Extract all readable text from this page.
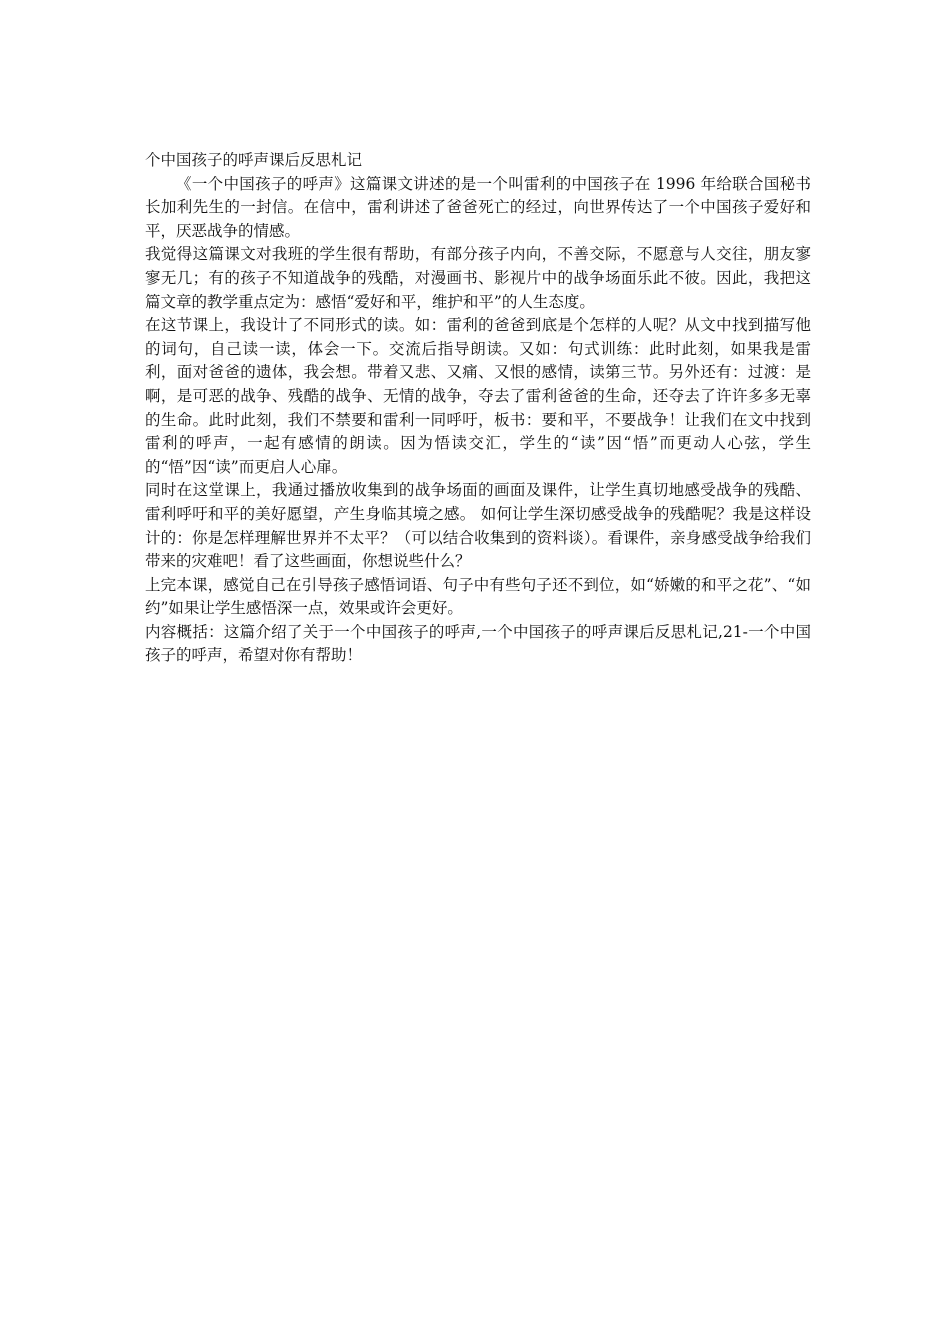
个中国孩子的呼声课后反思札记

《一个中国孩子的呼声》这篇课文讲述的是一个叫雷利的中国孩子在 1996 年给联合国秘书长加利先生的一封信。在信中，雷利讲述了爸爸死亡的经过，向世界传达了一个中国孩子爱好和平，厌恶战争的情感。

我觉得这篇课文对我班的学生很有帮助，有部分孩子内向，不善交际，不愿意与人交往，朋友寥寥无几；有的孩子不知道战争的残酷，对漫画书、影视片中的战争场面乐此不彼。因此，我把这篇文章的教学重点定为：感悟“爱好和平，维护和平”的人生态度。

在这节课上，我设计了不同形式的读。如：雷利的爸爸到底是个怎样的人呢？从文中找到描写他的词句，自己读一读，体会一下。交流后指导朗读。又如：句式训练：此时此刻，如果我是雷利，面对爸爸的遗体，我会想。带着又悲、又痛、又恨的感情，读第三节。另外还有：过渡：是啊，是可恶的战争、残酷的战争、无情的战争，夺去了雷利爸爸的生命，还夺去了许许多多无辜的生命。此时此刻，我们不禁要和雷利一同呼吁，板书：要和平，不要战争！让我们在文中找到雷利的呼声，一起有感情的朗读。因为悟读交汇，学生的“读”因“悟”而更动人心弦，学生的“悟”因“读”而更启人心扉。

同时在这堂课上，我通过播放收集到的战争场面的画面及课件，让学生真切地感受战争的残酷、雷利呼吁和平的美好愿望，产生身临其境之感。 如何让学生深切感受战争的残酷呢？我是这样设计的：你是怎样理解世界并不太平？（可以结合收集到的资料谈）。看课件，亲身感受战争给我们带来的灾难吧！看了这些画面，你想说些什么？

上完本课，感觉自己在引导孩子感悟词语、句子中有些句子还不到位，如“娇嫩的和平之花”、“如约”如果让学生感悟深一点，效果或许会更好。

内容概括：这篇介绍了关于一个中国孩子的呼声,一个中国孩子的呼声课后反思札记,21-一个中国孩子的呼声，希望对你有帮助！
